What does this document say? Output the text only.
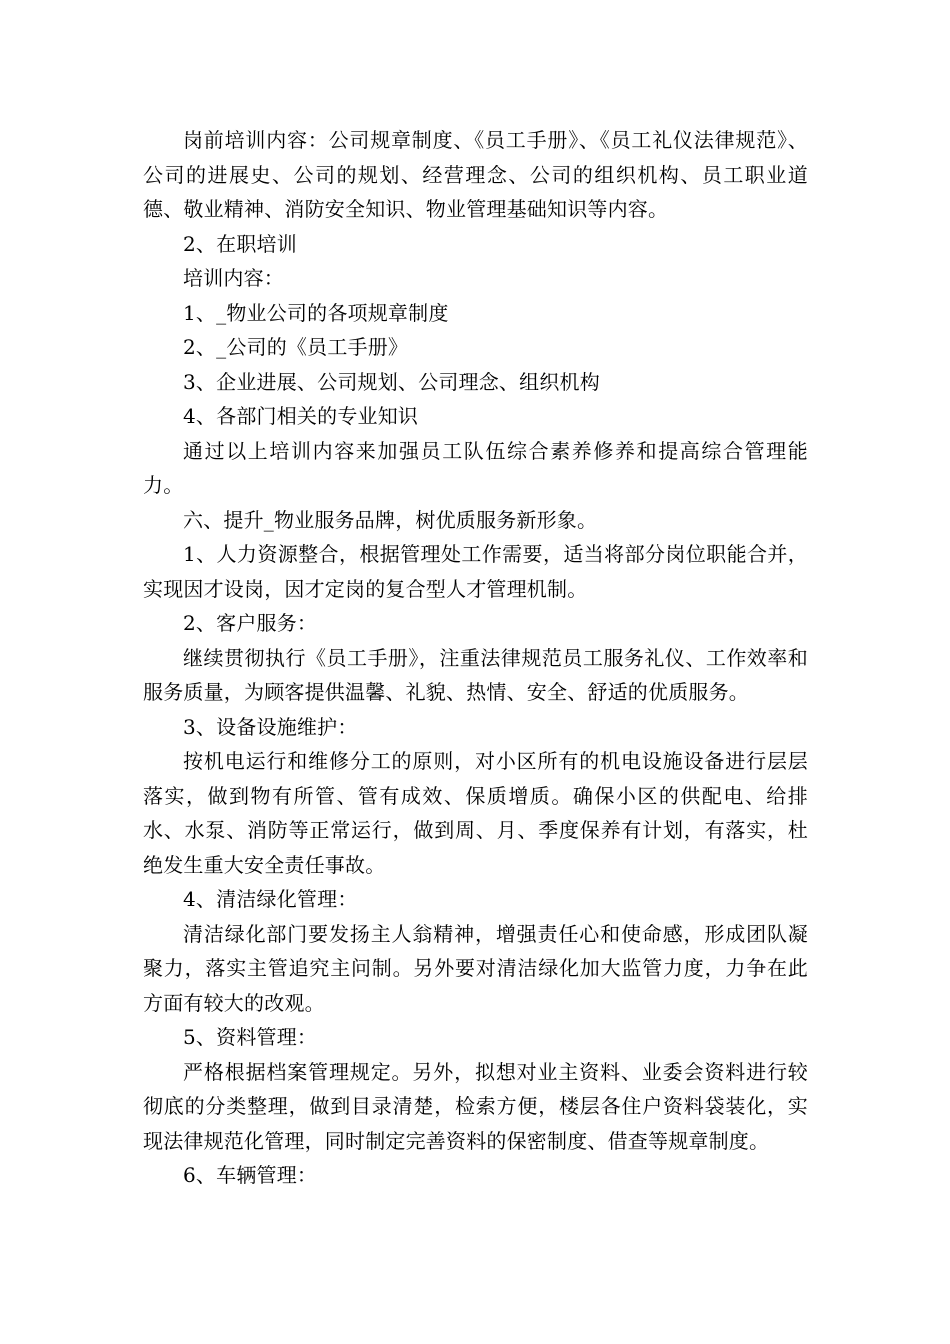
岗前培训内容：公司规章制度、《员工手册》、《员工礼仪法律规范》、公司的进展史、公司的规划、经营理念、公司的组织机构、员工职业道德、敬业精神、消防安全知识、物业管理基础知识等内容。

2、在职培训

培训内容：

1、_物业公司的各项规章制度

2、_公司的《员工手册》

3、企业进展、公司规划、公司理念、组织机构

4、各部门相关的专业知识

通过以上培训内容来加强员工队伍综合素养修养和提高综合管理能力。

六、提升_物业服务品牌，树优质服务新形象。

1、人力资源整合，根据管理处工作需要，适当将部分岗位职能合并，实现因才设岗，因才定岗的复合型人才管理机制。

2、客户服务：

继续贯彻执行《员工手册》，注重法律规范员工服务礼仪、工作效率和服务质量，为顾客提供温馨、礼貌、热情、安全、舒适的优质服务。

3、设备设施维护：

按机电运行和维修分工的原则，对小区所有的机电设施设备进行层层落实，做到物有所管、管有成效、保质增质。确保小区的供配电、给排水、水泵、消防等正常运行，做到周、月、季度保养有计划，有落实，杜绝发生重大安全责任事故。

4、清洁绿化管理：

清洁绿化部门要发扬主人翁精神，增强责任心和使命感，形成团队凝聚力，落实主管追究主问制。另外要对清洁绿化加大监管力度，力争在此方面有较大的改观。

5、资料管理：

严格根据档案管理规定。另外，拟想对业主资料、业委会资料进行较彻底的分类整理，做到目录清楚，检索方便，楼层各住户资料袋装化，实现法律规范化管理，同时制定完善资料的保密制度、借查等规章制度。

6、车辆管理：
